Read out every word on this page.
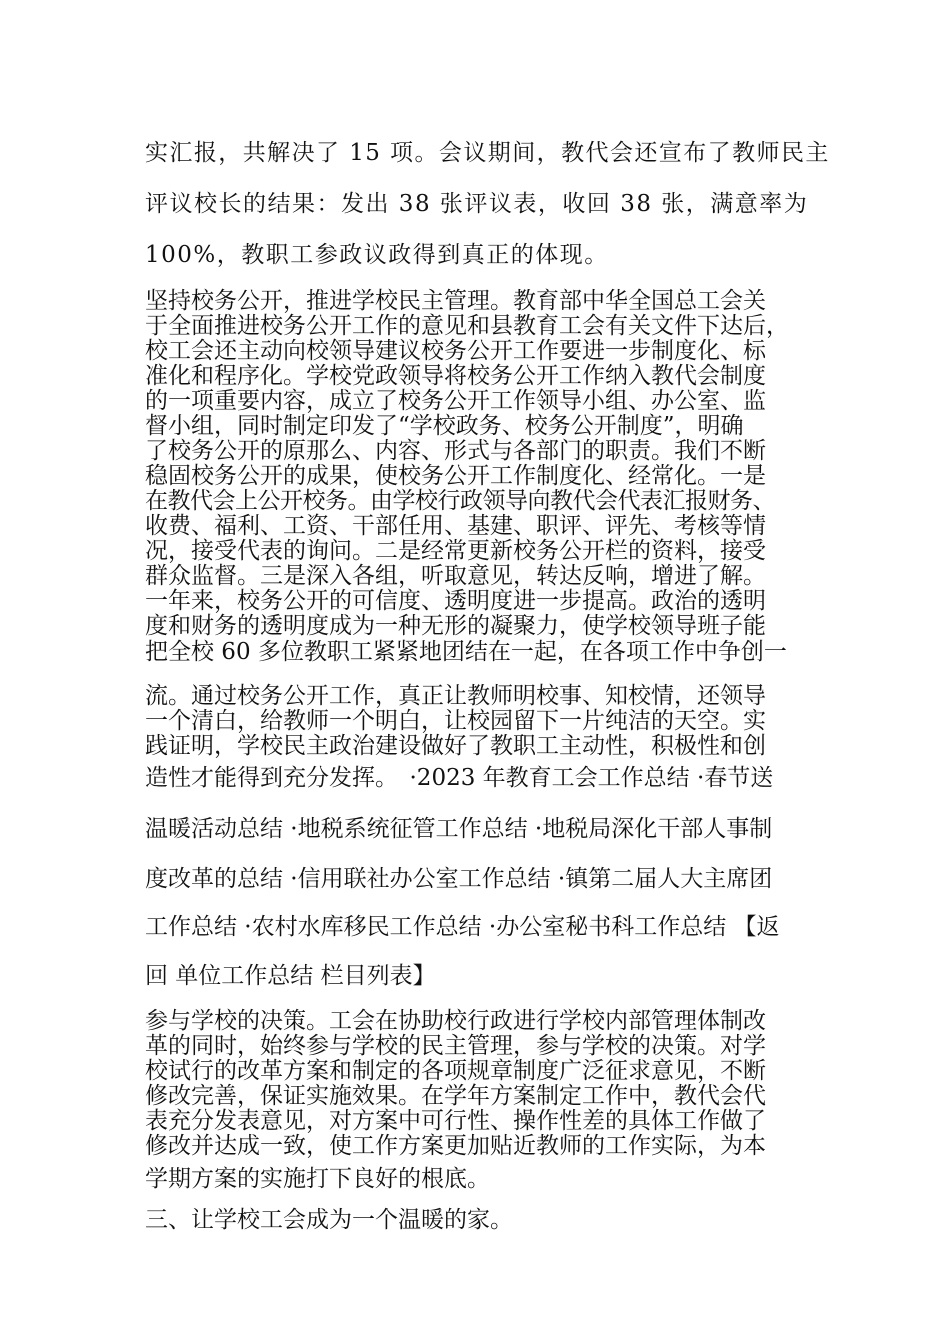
实汇报，共解决了 15 项。会议期间，教代会还宣布了教师民主

评议校长的结果：发出 38 张评议表，收回 38 张，满意率为

100%，教职工参政议政得到真正的体现。

坚持校务公开，推进学校民主管理。教育部中华全国总工会关

于全面推进校务公开工作的意见和县教育工会有关文件下达后，

校工会还主动向校领导建议校务公开工作要进一步制度化、标

准化和程序化。学校党政领导将校务公开工作纳入教代会制度

的一项重要内容，成立了校务公开工作领导小组、办公室、监

督小组，同时制定印发了“学校政务、校务公开制度”，明确

了校务公开的原那么、内容、形式与各部门的职责。我们不断

稳固校务公开的成果，使校务公开工作制度化、经常化。一是

在教代会上公开校务。由学校行政领导向教代会代表汇报财务、

收费、福利、工资、干部任用、基建、职评、评先、考核等情

况，接受代表的询问。二是经常更新校务公开栏的资料，接受

群众监督。三是深入各组，听取意见，转达反响，增进了解。

一年来，校务公开的可信度、透明度进一步提高。政治的透明

度和财务的透明度成为一种无形的凝聚力，使学校领导班子能

把全校 60 多位教职工紧紧地团结在一起，在各项工作中争创一

流。通过校务公开工作，真正让教师明校事、知校情，还领导

一个清白，给教师一个明白，让校园留下一片纯洁的天空。实

践证明，学校民主政治建设做好了教职工主动性，积极性和创

造性才能得到充分发挥。　·2023 年教育工会工作总结 ·春节送

温暖活动总结 ·地税系统征管工作总结 ·地税局深化干部人事制

度改革的总结 ·信用联社办公室工作总结 ·镇第二届人大主席团

工作总结 ·农村水库移民工作总结 ·办公室秘书科工作总结 【返

回 单位工作总结 栏目列表】

参与学校的决策。工会在协助校行政进行学校内部管理体制改

革的同时，始终参与学校的民主管理，参与学校的决策。对学

校试行的改革方案和制定的各项规章制度广泛征求意见，不断

修改完善，保证实施效果。在学年方案制定工作中，教代会代

表充分发表意见，对方案中可行性、操作性差的具体工作做了

修改并达成一致，使工作方案更加贴近教师的工作实际，为本

学期方案的实施打下良好的根底。

三、让学校工会成为一个温暖的家。
